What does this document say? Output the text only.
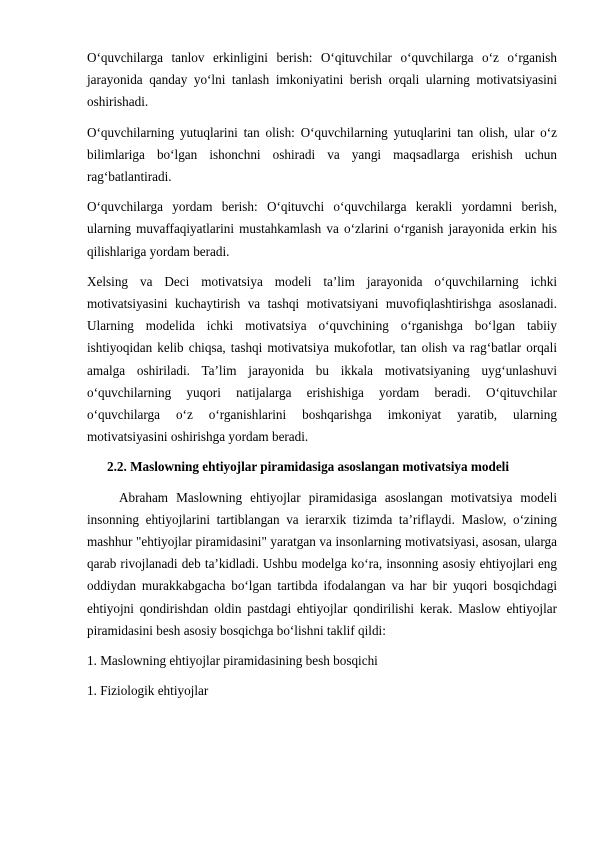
O‘quvchilarga tanlov erkinligini berish: O‘qituvchilar o‘quvchilarga o‘z o‘rganish jarayonida qanday yo‘lni tanlash imkoniyatini berish orqali ularning motivatsiyasini oshirishadi.

O‘quvchilarning yutuqlarini tan olish: O‘quvchilarning yutuqlarini tan olish, ular o‘z bilimlariga bo‘lgan ishonchni oshiradi va yangi maqsadlarga erishish uchun rag‘batlantiradi.

O‘quvchilarga yordam berish: O‘qituvchi o‘quvchilarga kerakli yordamni berish, ularning muvaffaqiyatlarini mustahkamlash va o‘zlarini o‘rganish jarayonida erkin his qilishlariga yordam beradi.

Xelsing va Deci motivatsiya modeli ta’lim jarayonida o‘quvchilarning ichki motivatsiyasini kuchaytirish va tashqi motivatsiyani muvofiqlashtirishga asoslanadi. Ularning modelida ichki motivatsiya o‘quvchining o‘rganishga bo‘lgan tabiiy ishtiyoqidan kelib chiqsa, tashqi motivatsiya mukofotlar, tan olish va rag‘batlar orqali amalga oshiriladi. Ta’lim jarayonida bu ikkala motivatsiyaning uyg‘unlashuvi o‘quvchilarning yuqori natijalarga erishishiga yordam beradi. O‘qituvchilar o‘quvchilarga o‘z o‘rganishlarini boshqarishga imkoniyat yaratib, ularning motivatsiyasini oshirishga yordam beradi.

2.2. Maslowning ehtiyojlar piramidasiga asoslangan motivatsiya modeli

Abraham Maslowning ehtiyojlar piramidasiga asoslangan motivatsiya modeli insonning ehtiyojlarini tartiblangan va ierarxik tizimda ta’riflaydi. Maslow, o‘zining mashhur "ehtiyojlar piramidasini" yaratgan va insonlarning motivatsiyasi, asosan, ularga qarab rivojlanadi deb ta’kidladi. Ushbu modelga ko‘ra, insonning asosiy ehtiyojlari eng oddiydan murakkabgacha bo‘lgan tartibda ifodalangan va har bir yuqori bosqichdagi ehtiyojni qondirishdan oldin pastdagi ehtiyojlar qondirilishi kerak. Maslow ehtiyojlar piramidasini besh asosiy bosqichga bo‘lishni taklif qildi:

1. Maslowning ehtiyojlar piramidasining besh bosqichi

1. Fiziologik ehtiyojlar
